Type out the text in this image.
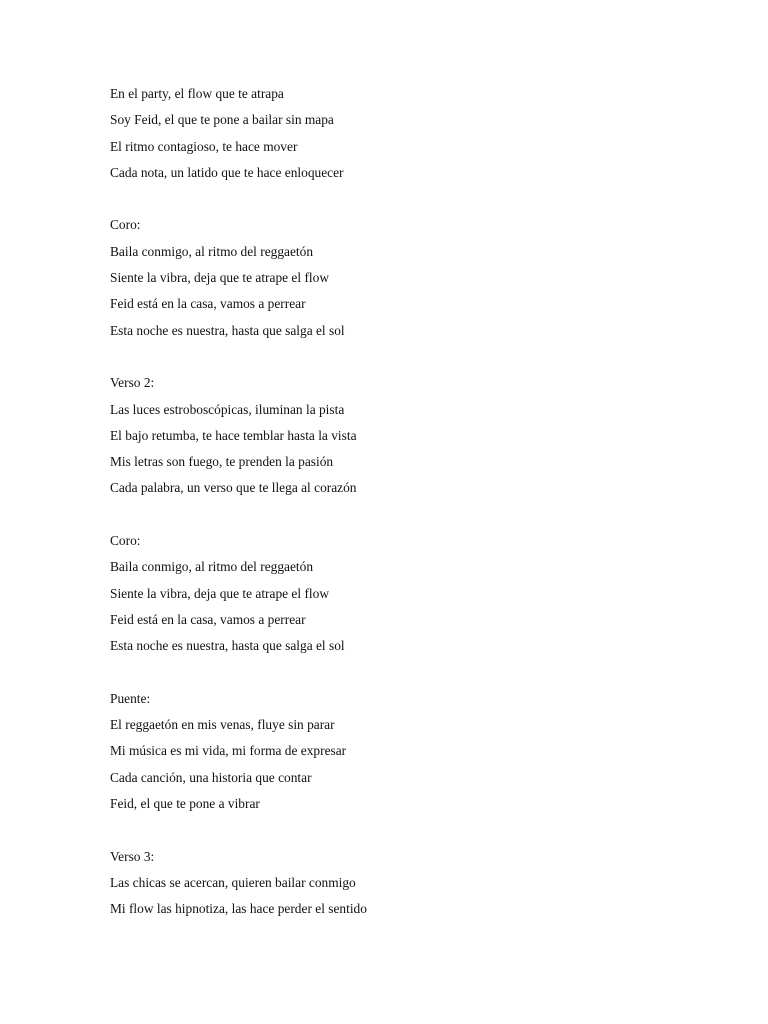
En el party, el flow que te atrapa
Soy Feid, el que te pone a bailar sin mapa
El ritmo contagioso, te hace mover
Cada nota, un latido que te hace enloquecer
Coro:
Baila conmigo, al ritmo del reggaetón
Siente la vibra, deja que te atrape el flow
Feid está en la casa, vamos a perrear
Esta noche es nuestra, hasta que salga el sol
Verso 2:
Las luces estroboscópicas, iluminan la pista
El bajo retumba, te hace temblar hasta la vista
Mis letras son fuego, te prenden la pasión
Cada palabra, un verso que te llega al corazón
Coro:
Baila conmigo, al ritmo del reggaetón
Siente la vibra, deja que te atrape el flow
Feid está en la casa, vamos a perrear
Esta noche es nuestra, hasta que salga el sol
Puente:
El reggaetón en mis venas, fluye sin parar
Mi música es mi vida, mi forma de expresar
Cada canción, una historia que contar
Feid, el que te pone a vibrar
Verso 3:
Las chicas se acercan, quieren bailar conmigo
Mi flow las hipnotiza, las hace perder el sentido
